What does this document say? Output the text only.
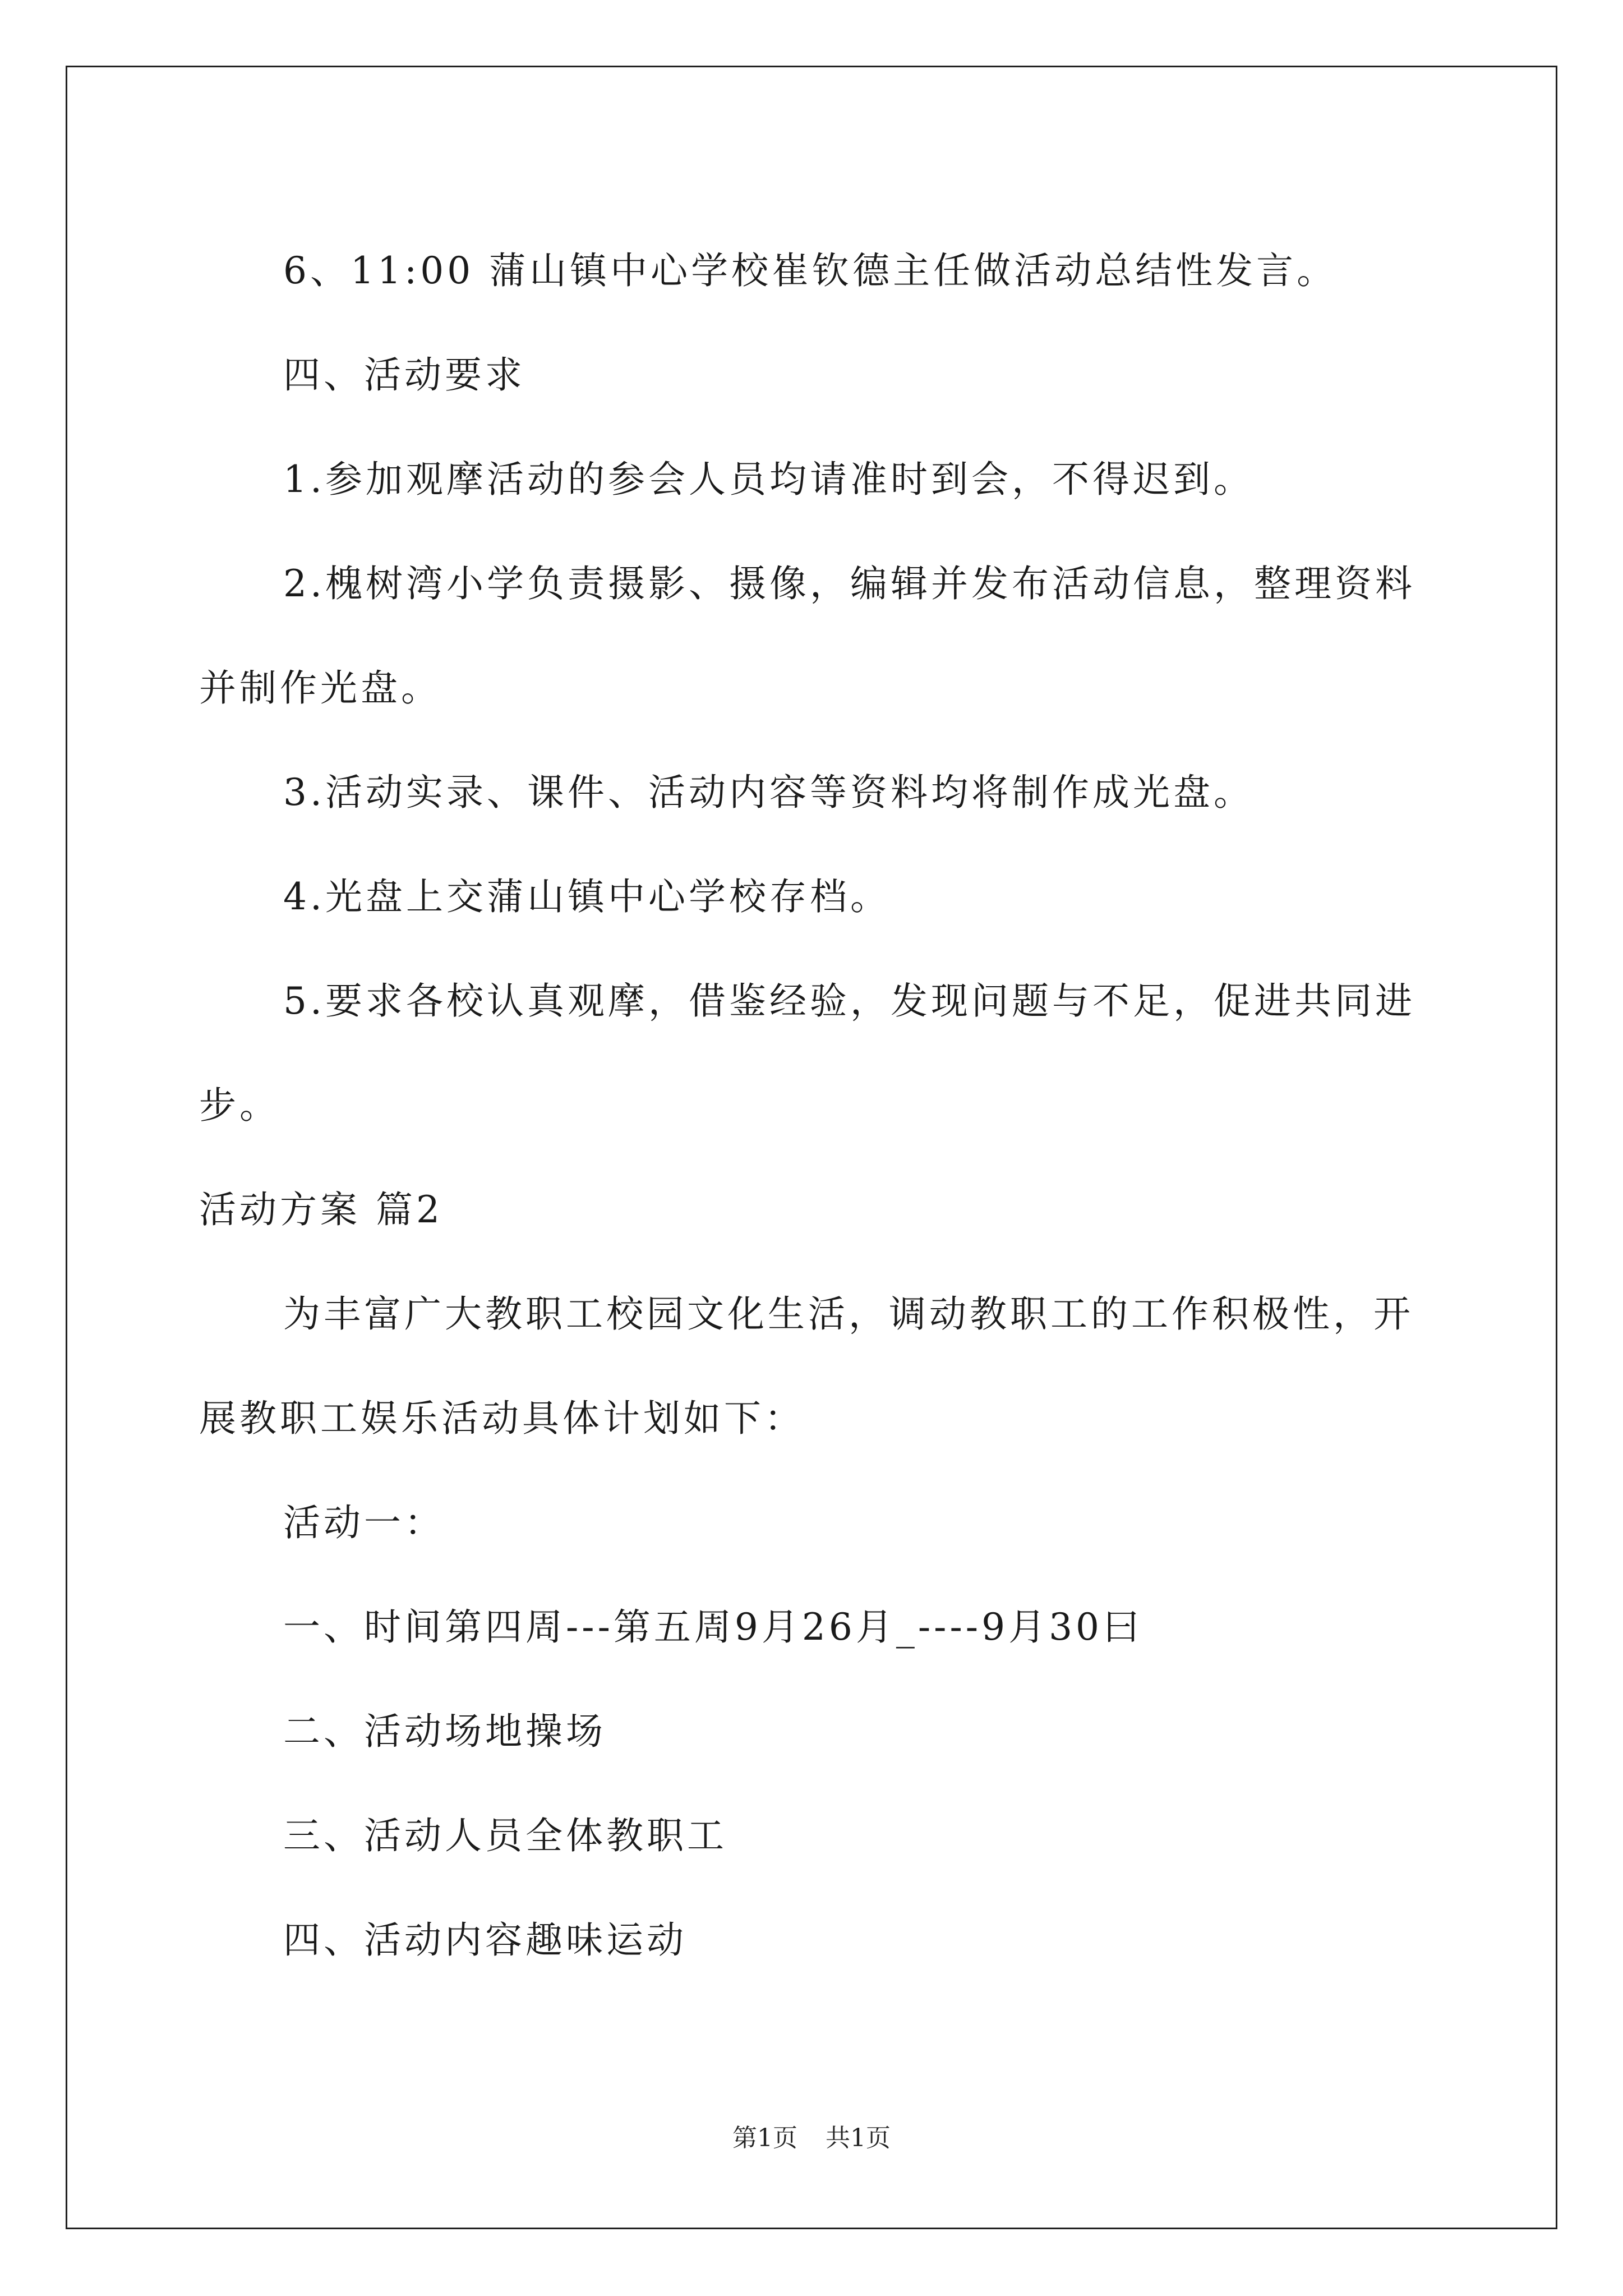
6、11:00 蒲山镇中心学校崔钦德主任做活动总结性发言。

四、活动要求

1.参加观摩活动的参会人员均请准时到会，不得迟到。

2.槐树湾小学负责摄影、摄像，编辑并发布活动信息，整理资料并制作光盘。

3.活动实录、课件、活动内容等资料均将制作成光盘。

4.光盘上交蒲山镇中心学校存档。

5.要求各校认真观摩，借鉴经验，发现问题与不足，促进共同进步。

活动方案 篇2

为丰富广大教职工校园文化生活，调动教职工的工作积极性，开展教职工娱乐活动具体计划如下：

活动一：

一、时间第四周---第五周9月26月_----9月30曰

二、活动场地操场

三、活动人员全体教职工

四、活动内容趣味运动

第1页 共1页
